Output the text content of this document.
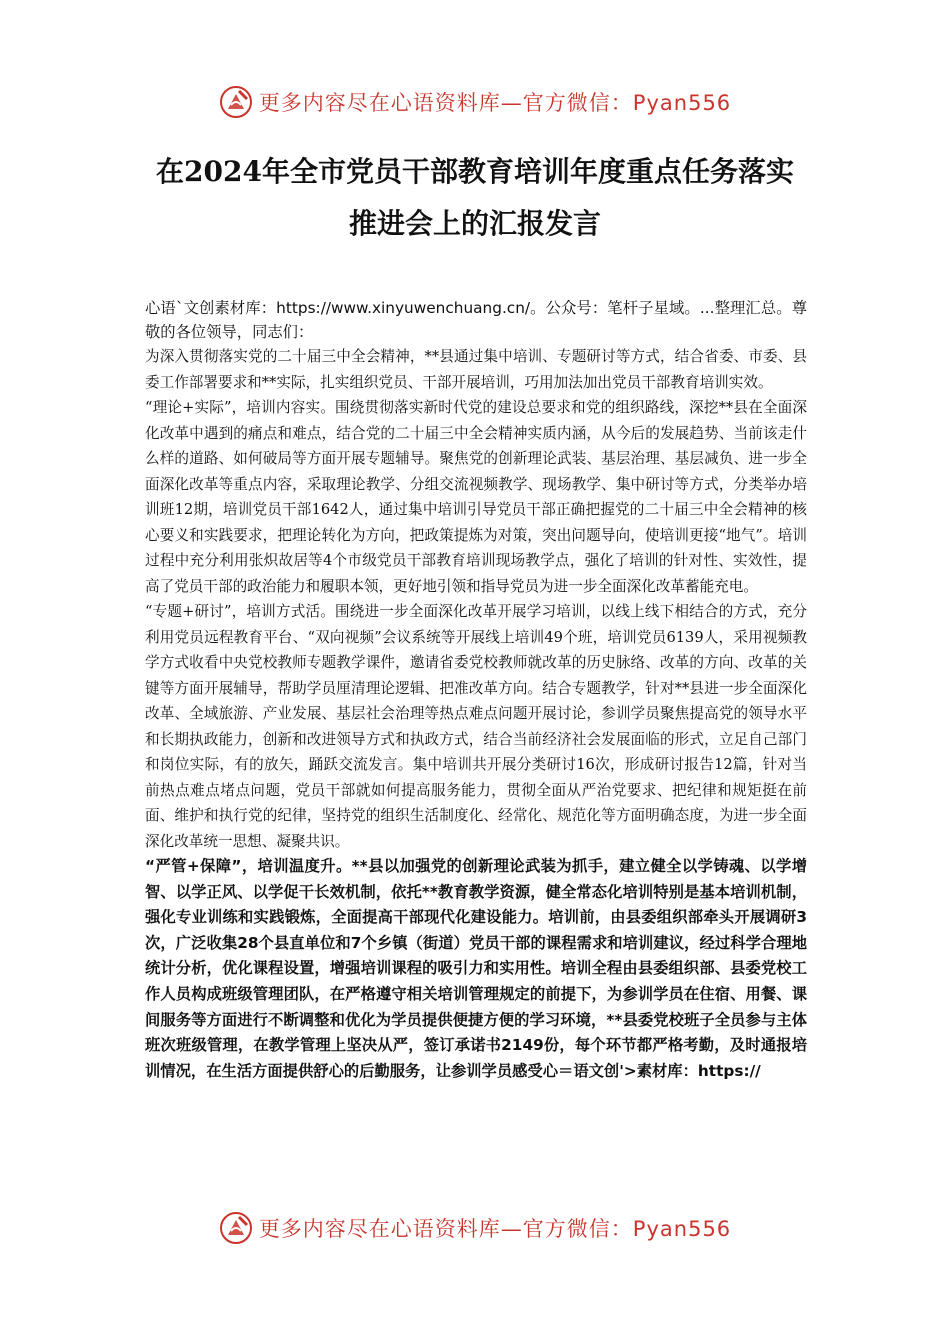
更多内容尽在心语资料库—官方微信：Pyan556
在2024年全市党员干部教育培训年度重点任务落实
推进会上的汇报发言

心语`文创素材库：https://www.xinyuwenchuang.cn/。公众号：笔杆子星域。...整理汇总。尊敬的各位领导，同志们：

为深入贯彻落实党的二十届三中全会精神，**县通过集中培训、专题研讨等方式，结合省委、市委、县委工作部署要求和**实际，扎实组织党员、干部开展培训，巧用加法加出党员干部教育培训实效。

“理论+实际”，培训内容实。围绕贯彻落实新时代党的建设总要求和党的组织路线，深挖**县在全面深化改革中遇到的痛点和难点，结合党的二十届三中全会精神实质内涵，从今后的发展趋势、当前该走什么样的道路、如何破局等方面开展专题辅导。聚焦党的创新理论武装、基层治理、基层减负、进一步全面深化改革等重点内容，采取理论教学、分组交流视频教学、现场教学、集中研讨等方式，分类举办培训班12期，培训党员干部1642人，通过集中培训引导党员干部正确把握党的二十届三中全会精神的核心要义和实践要求，把理论转化为方向，把政策提炼为对策，突出问题导向，使培训更接“地气”。培训过程中充分利用张炽故居等4个市级党员干部教育培训现场教学点，强化了培训的针对性、实效性，提高了党员干部的政治能力和履职本领，更好地引领和指导党员为进一步全面深化改革蓄能充电。

“专题+研讨”，培训方式活。围绕进一步全面深化改革开展学习培训，以线上线下相结合的方式，充分利用党员远程教育平台、“双向视频”会议系统等开展线上培训49个班，培训党员6139人，采用视频教学方式收看中央党校教师专题教学课件，邀请省委党校教师就改革的历史脉络、改革的方向、改革的关键等方面开展辅导，帮助学员厘清理论逻辑、把准改革方向。结合专题教学，针对**县进一步全面深化改革、全域旅游、产业发展、基层社会治理等热点难点问题开展讨论，参训学员聚焦提高党的领导水平和长期执政能力，创新和改进领导方式和执政方式，结合当前经济社会发展面临的形式，立足自己部门和岗位实际，有的放矢，踊跃交流发言。集中培训共开展分类研讨16次，形成研讨报告12篇，针对当前热点难点堵点问题，党员干部就如何提高服务能力，贯彻全面从严治党要求、把纪律和规矩挺在前面、维护和执行党的纪律，坚持党的组织生活制度化、经常化、规范化等方面明确态度，为进一步全面深化改革统一思想、凝聚共识。

“严管+保障”，培训温度升。**县以加强党的创新理论武装为抓手，建立健全以学铸魂、以学增智、以学正风、以学促干长效机制，依托**教育教学资源，健全常态化培训特别是基本培训机制，强化专业训练和实践锻炼，全面提高干部现代化建设能力。培训前，由县委组织部牵头开展调研3次，广泛收集28个县直单位和7个乡镇（街道）党员干部的课程需求和培训建议，经过科学合理地统计分析，优化课程设置，增强培训课程的吸引力和实用性。培训全程由县委组织部、县委党校工作人员构成班级管理团队，在严格遵守相关培训管理规定的前提下，为参训学员在住宿、用餐、课间服务等方面进行不断调整和优化为学员提供便捷方便的学习环境，**县委党校班子全员参与主体班次班级管理，在教学管理上坚决从严，签订承诺书2149份，每个环节都严格考勤，及时通报培训情况，在生活方面提供舒心的后勤服务，让参训学员感受心＝语文创'>素材库：https://

更多内容尽在心语资料库—官方微信：Pyan556
